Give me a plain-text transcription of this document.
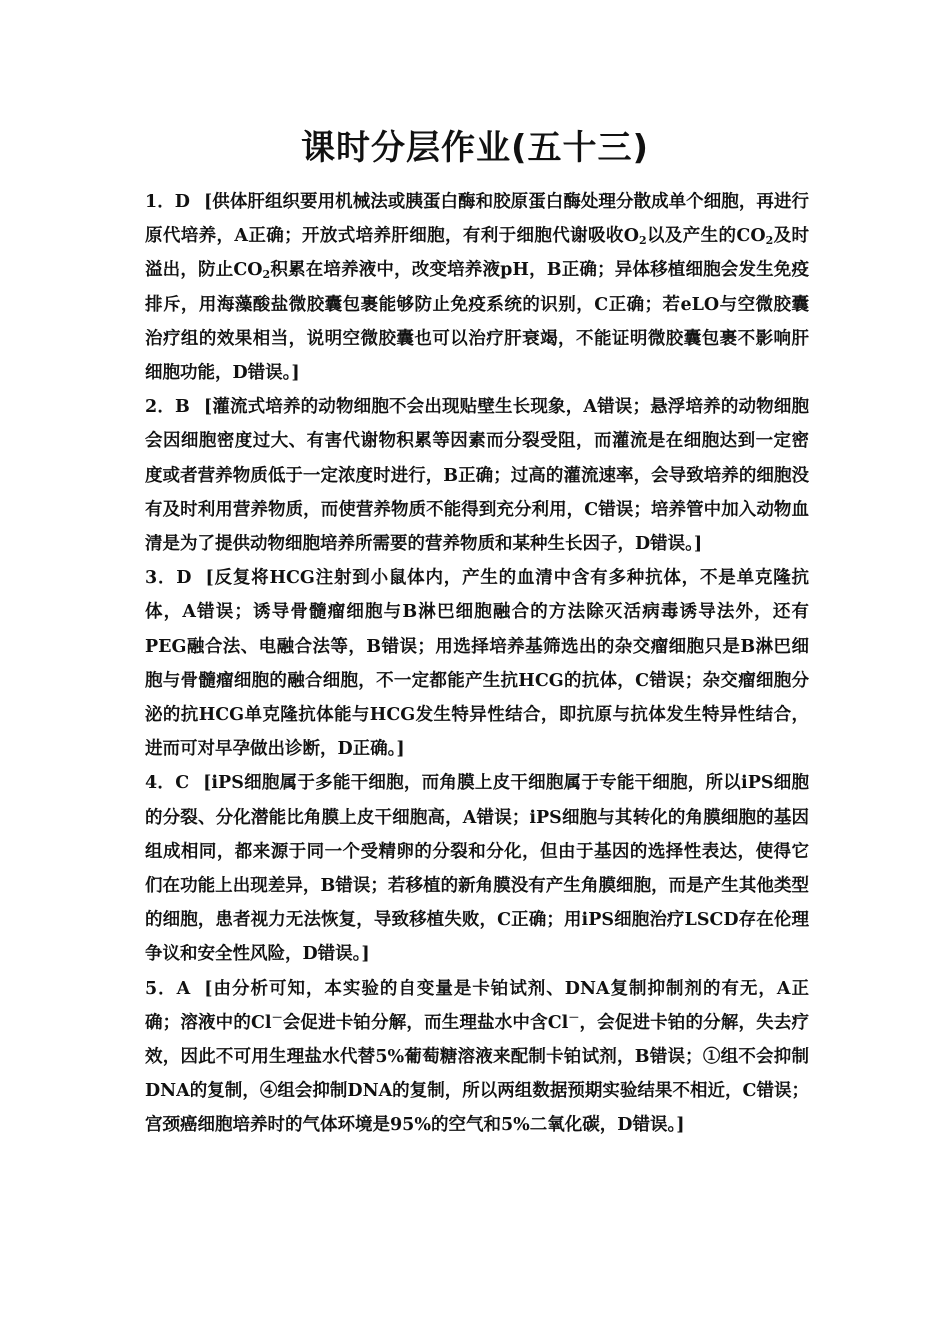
课时分层作业(五十三)

1．D [供体肝组织要用机械法或胰蛋白酶和胶原蛋白酶处理分散成单个细胞，再进行原代培养，A正确；开放式培养肝细胞，有利于细胞代谢吸收$O_2$以及产生的$CO_2$及时溢出，防止$CO_2$积累在培养液中，改变培养液pH，B正确；异体移植细胞会发生免疫排斥，用海藻酸盐微胶囊包裹能够防止免疫系统的识别，C正确；若eLO与空微胶囊治疗组的效果相当，说明空微胶囊也可以治疗肝衰竭，不能证明微胶囊包裹不影响肝细胞功能，D错误。]

2．B [灌流式培养的动物细胞不会出现贴壁生长现象，A错误；悬浮培养的动物细胞会因细胞密度过大、有害代谢物积累等因素而分裂受阻，而灌流是在细胞达到一定密度或者营养物质低于一定浓度时进行，B正确；过高的灌流速率，会导致培养的细胞没有及时利用营养物质，而使营养物质不能得到充分利用，C错误；培养管中加入动物血清是为了提供动物细胞培养所需要的营养物质和某种生长因子，D错误。]

3．D [反复将HCG注射到小鼠体内，产生的血清中含有多种抗体，不是单克隆抗体，A错误；诱导骨髓瘤细胞与B淋巴细胞融合的方法除灭活病毒诱导法外，还有PEG融合法、电融合法等，B错误；用选择培养基筛选出的杂交瘤细胞只是B淋巴细胞与骨髓瘤细胞的融合细胞，不一定都能产生抗HCG的抗体，C错误；杂交瘤细胞分泌的抗HCG单克隆抗体能与HCG发生特异性结合，即抗原与抗体发生特异性结合，进而可对早孕做出诊断，D正确。]

4．C [iPS细胞属于多能干细胞，而角膜上皮干细胞属于专能干细胞，所以iPS细胞的分裂、分化潜能比角膜上皮干细胞高，A错误；iPS细胞与其转化的角膜细胞的基因组成相同，都来源于同一个受精卵的分裂和分化，但由于基因的选择性表达，使得它们在功能上出现差异，B错误；若移植的新角膜没有产生角膜细胞，而是产生其他类型的细胞，患者视力无法恢复，导致移植失败，C正确；用iPS细胞治疗LSCD存在伦理争议和安全性风险，D错误。]

5．A [由分析可知，本实验的自变量是卡铂试剂、DNA复制抑制剂的有无，A正确；溶液中的Cl－会促进卡铂分解，而生理盐水中含Cl－，会促进卡铂的分解，失去疗效，因此不可用生理盐水代替5%葡萄糖溶液来配制卡铂试剂，B错误；①组不会抑制DNA的复制，④组会抑制DNA的复制，所以两组数据预期实验结果不相近，C错误；宫颈癌细胞培养时的气体环境是95%的空气和5%二氧化碳，D错误。]
